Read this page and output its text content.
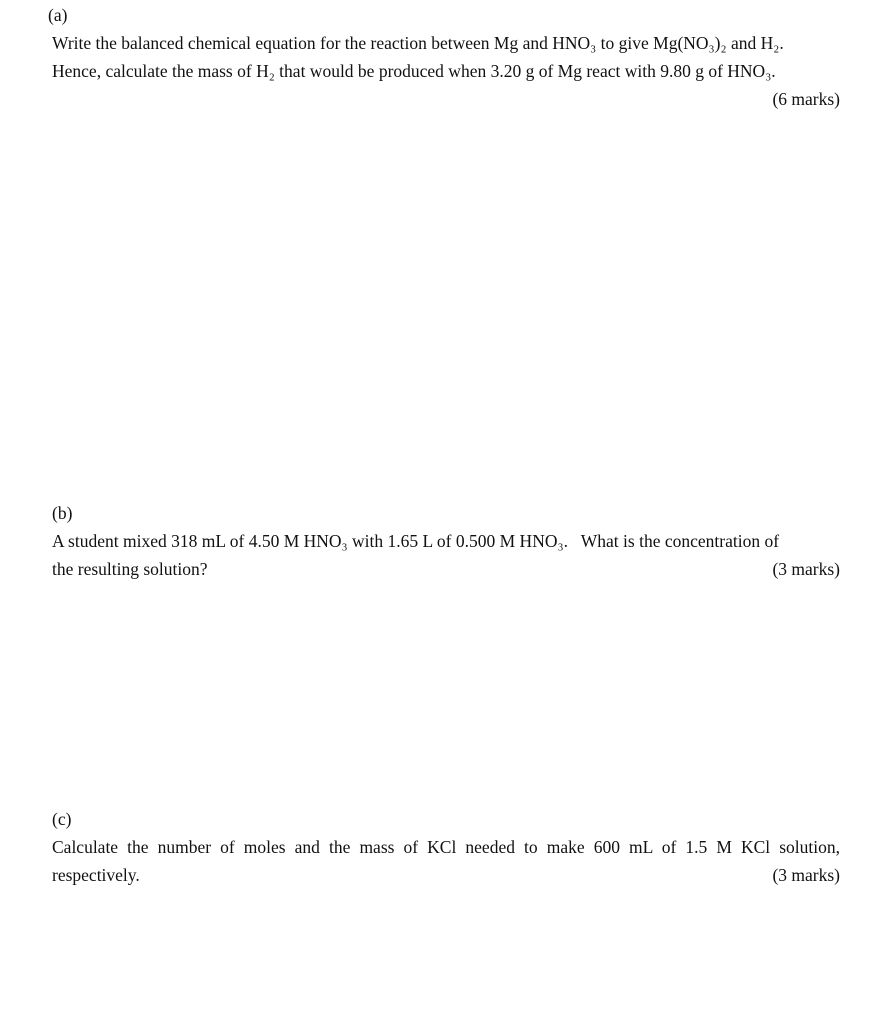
(a)
Write the balanced chemical equation for the reaction between Mg and HNO₃ to give Mg(NO₃)₂ and H₂.
Hence, calculate the mass of H₂ that would be produced when 3.20 g of Mg react with 9.80 g of HNO₃.
(6 marks)
(b)
A student mixed 318 mL of 4.50 M HNO₃ with 1.65 L of 0.500 M HNO₃.   What is the concentration of
the resulting solution?	(3 marks)
(c)
Calculate the number of moles and the mass of KCl needed to make 600 mL of 1.5 M KCl solution,
respectively.	(3 marks)
